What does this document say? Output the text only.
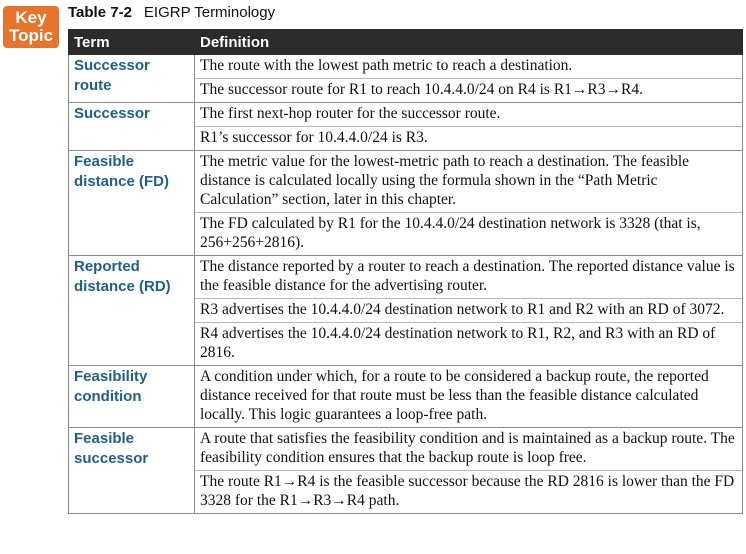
Key
Topic
Table 7-2 EIGRP Terminology
Term	Definition
Successor route	The route with the lowest path metric to reach a destination.
The successor route for R1 to reach 10.4.4.0/24 on R4 is R1→R3→R4.

Successor	The first next-hop router for the successor route.
R1’s successor for 10.4.4.0/24 is R3.

Feasible distance (FD)	The metric value for the lowest-metric path to reach a destination. The feasible distance is calculated locally using the formula shown in the “Path Metric Calculation” section, later in this chapter.
The FD calculated by R1 for the 10.4.4.0/24 destination network is 3328 (that is, 256+256+2816).

Reported distance (RD)	The distance reported by a router to reach a destination. The reported distance value is the feasible distance for the advertising router.
R3 advertises the 10.4.4.0/24 destination network to R1 and R2 with an RD of 3072.
R4 advertises the 10.4.4.0/24 destination network to R1, R2, and R3 with an RD of 2816.

Feasibility condition	A condition under which, for a route to be considered a backup route, the reported distance received for that route must be less than the feasible distance calculated locally. This logic guarantees a loop-free path.

Feasible successor	A route that satisfies the feasibility condition and is maintained as a backup route. The feasibility condition ensures that the backup route is loop free.
The route R1→R4 is the feasible successor because the RD 2816 is lower than the FD 3328 for the R1→R3→R4 path.
